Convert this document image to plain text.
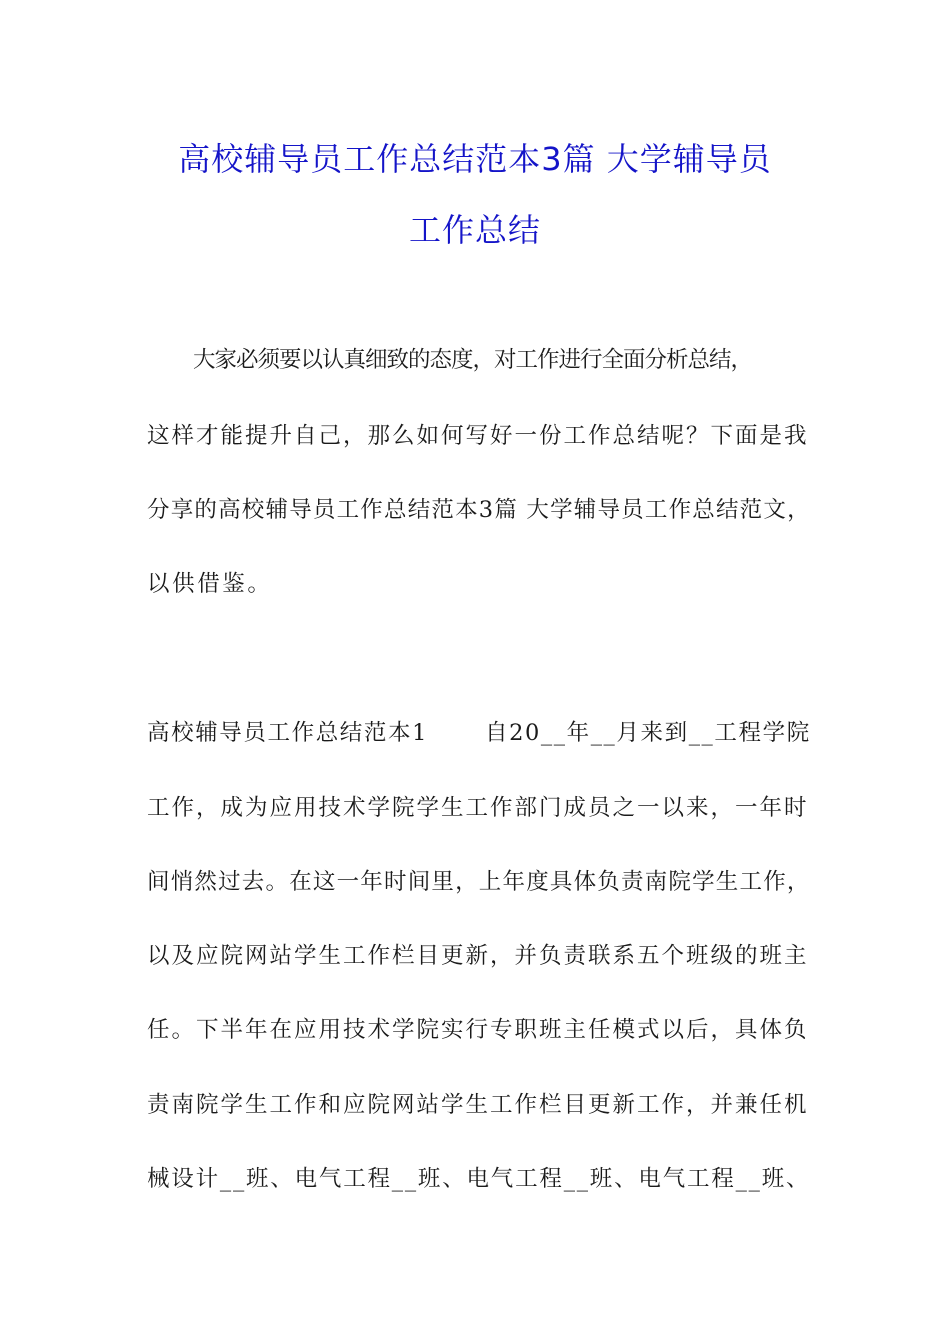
高校辅导员工作总结范本3篇 大学辅导员
工作总结

大家必须要以认真细致的态度，对工作进行全面分析总结，

这样才能提升自己，那么如何写好一份工作总结呢？下面是我

分享的高校辅导员工作总结范本3篇 大学辅导员工作总结范文，

以供借鉴。

高校辅导员工作总结范本1　　 自20__年__月来到__工程学院

工作，成为应用技术学院学生工作部门成员之一以来，一年时

间悄然过去。在这一年时间里，上年度具体负责南院学生工作，

以及应院网站学生工作栏目更新，并负责联系五个班级的班主

任。下半年在应用技术学院实行专职班主任模式以后，具体负

责南院学生工作和应院网站学生工作栏目更新工作，并兼任机

械设计__班、电气工程__班、电气工程__班、电气工程__班、
